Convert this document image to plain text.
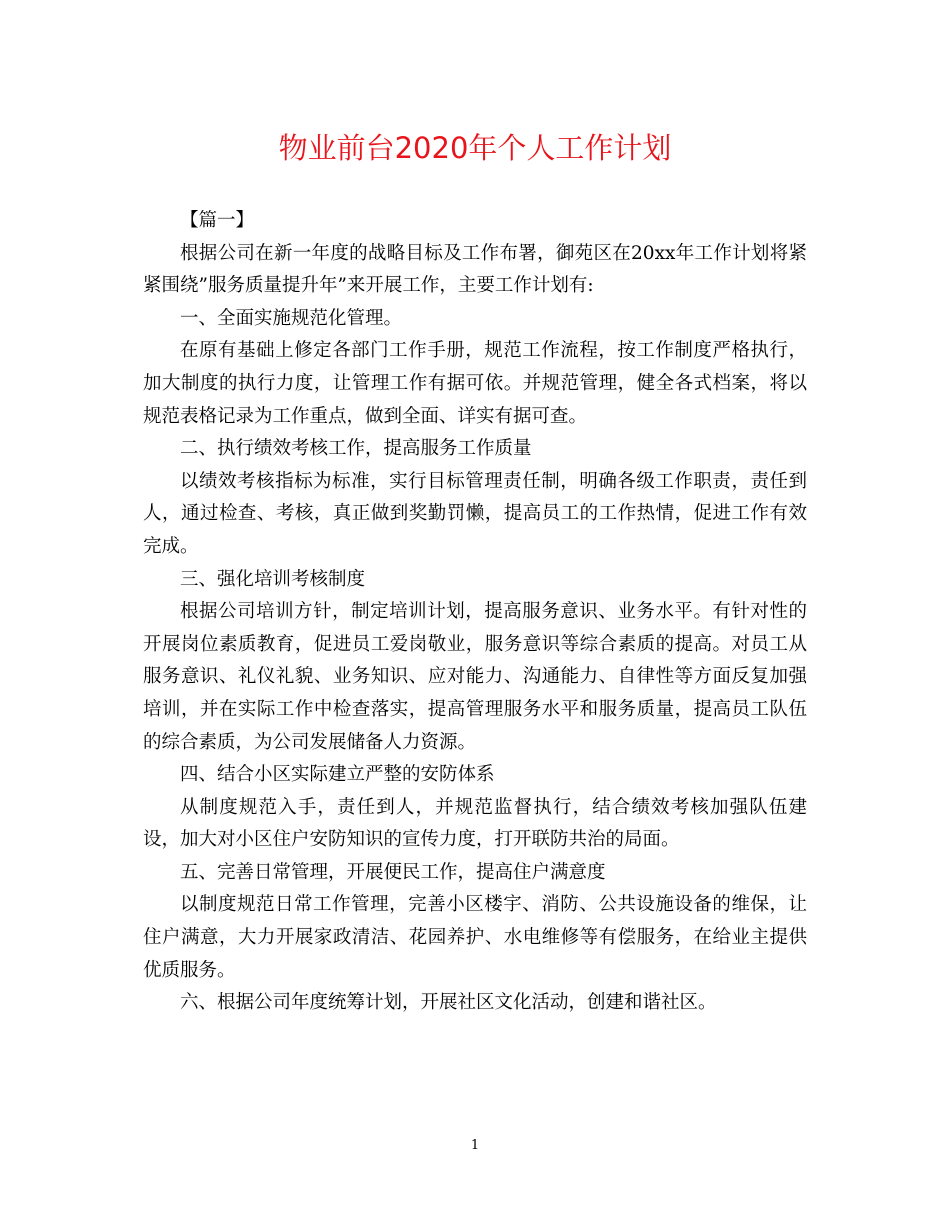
物业前台2020年个人工作计划

【篇一】

根据公司在新一年度的战略目标及工作布署，御苑区在20xx年工作计划将紧紧围绕”服务质量提升年”来开展工作，主要工作计划有:

一、全面实施规范化管理。

在原有基础上修定各部门工作手册，规范工作流程，按工作制度严格执行，加大制度的执行力度，让管理工作有据可依。并规范管理，健全各式档案，将以规范表格记录为工作重点，做到全面、详实有据可查。

二、执行绩效考核工作，提高服务工作质量

以绩效考核指标为标准，实行目标管理责任制，明确各级工作职责，责任到人，通过检查、考核，真正做到奖勤罚懒，提高员工的工作热情，促进工作有效完成。

三、强化培训考核制度

根据公司培训方针，制定培训计划，提高服务意识、业务水平。有针对性的开展岗位素质教育，促进员工爱岗敬业，服务意识等综合素质的提高。对员工从服务意识、礼仪礼貌、业务知识、应对能力、沟通能力、自律性等方面反复加强培训，并在实际工作中检查落实，提高管理服务水平和服务质量，提高员工队伍的综合素质，为公司发展储备人力资源。

四、结合小区实际建立严整的安防体系

从制度规范入手，责任到人，并规范监督执行，结合绩效考核加强队伍建设，加大对小区住户安防知识的宣传力度，打开联防共治的局面。

五、完善日常管理，开展便民工作，提高住户满意度

以制度规范日常工作管理，完善小区楼宇、消防、公共设施设备的维保，让住户满意，大力开展家政清洁、花园养护、水电维修等有偿服务，在给业主提供优质服务。

六、根据公司年度统筹计划，开展社区文化活动，创建和谐社区。

1
